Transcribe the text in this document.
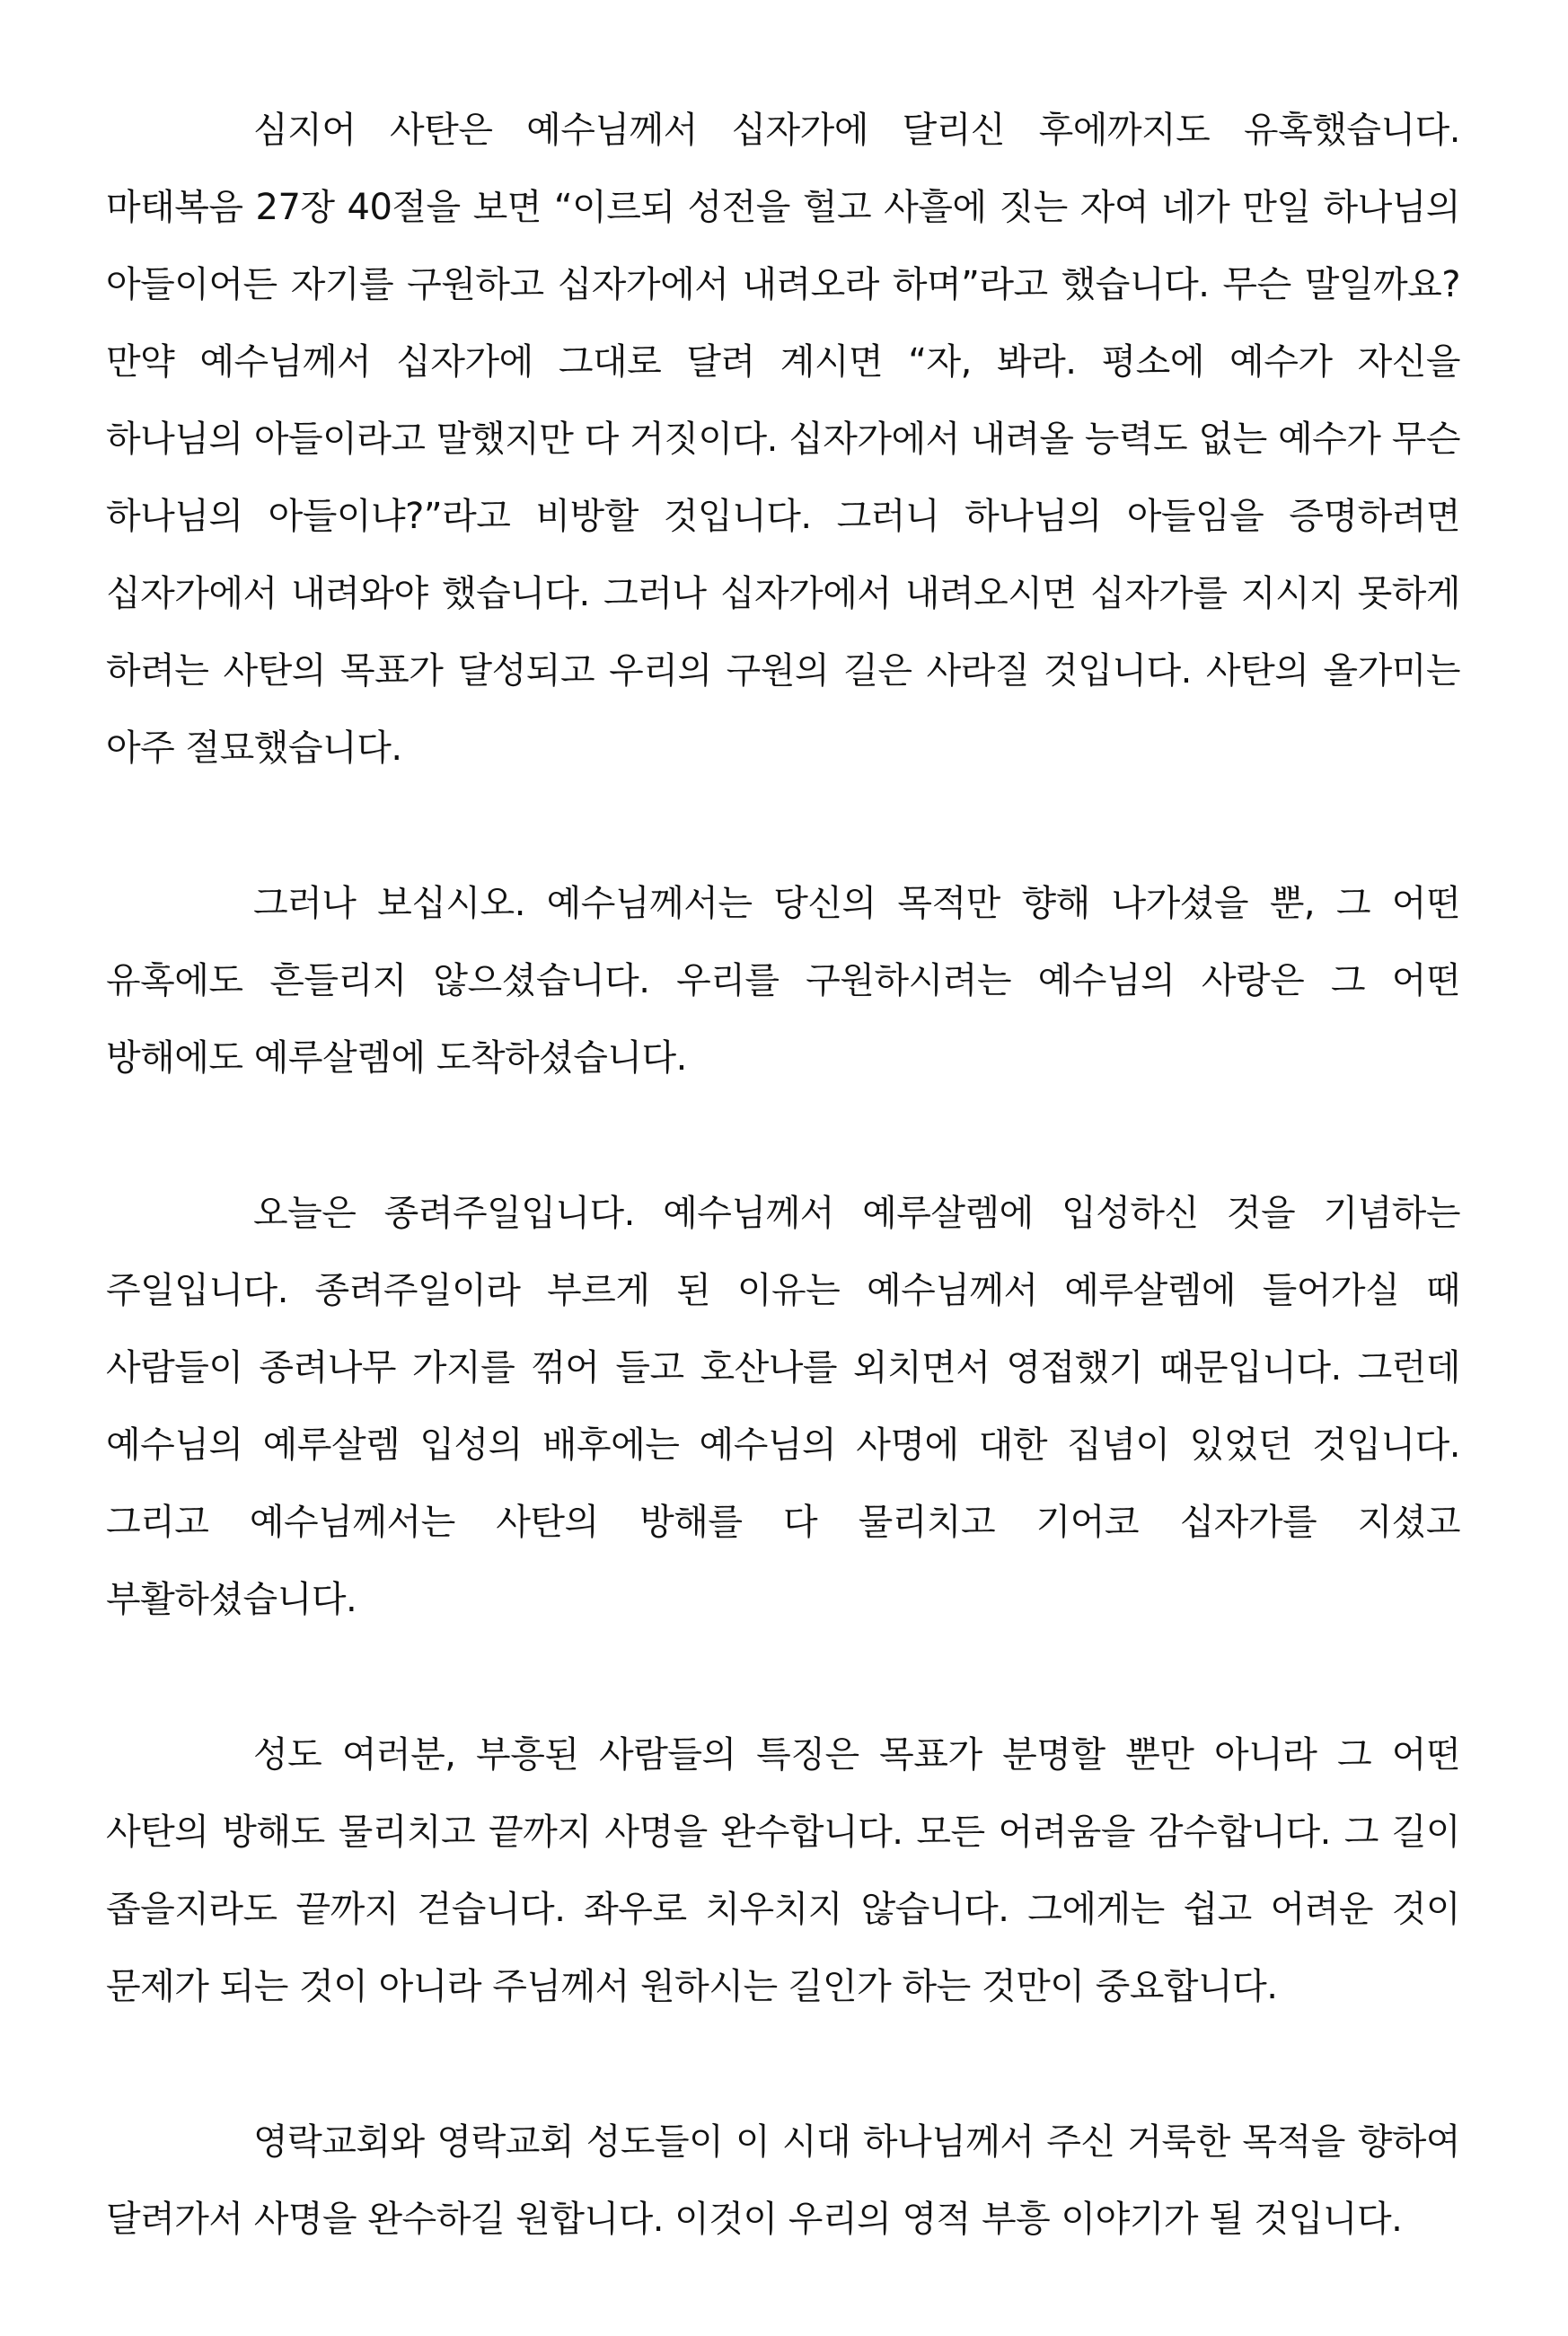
심지어 사탄은 예수님께서 십자가에 달리신 후에까지도 유혹했습니다. 마태복음 27장 40절을 보면 “이르되 성전을 헐고 사흘에 짓는 자여 네가 만일 하나님의 아들이어든 자기를 구원하고 십자가에서 내려오라 하며”라고 했습니다. 무슨 말일까요? 만약 예수님께서 십자가에 그대로 달려 계시면 “자, 봐라. 평소에 예수가 자신을 하나님의 아들이라고 말했지만 다 거짓이다. 십자가에서 내려올 능력도 없는 예수가 무슨 하나님의 아들이냐?”라고 비방할 것입니다. 그러니 하나님의 아들임을 증명하려면 십자가에서 내려와야 했습니다. 그러나 십자가에서 내려오시면 십자가를 지시지 못하게 하려는 사탄의 목표가 달성되고 우리의 구원의 길은 사라질 것입니다. 사탄의 올가미는 아주 절묘했습니다.

그러나 보십시오. 예수님께서는 당신의 목적만 향해 나가셨을 뿐, 그 어떤 유혹에도 흔들리지 않으셨습니다. 우리를 구원하시려는 예수님의 사랑은 그 어떤 방해에도 예루살렘에 도착하셨습니다.

오늘은 종려주일입니다. 예수님께서 예루살렘에 입성하신 것을 기념하는 주일입니다. 종려주일이라 부르게 된 이유는 예수님께서 예루살렘에 들어가실 때 사람들이 종려나무 가지를 꺾어 들고 호산나를 외치면서 영접했기 때문입니다. 그런데 예수님의 예루살렘 입성의 배후에는 예수님의 사명에 대한 집념이 있었던 것입니다. 그리고 예수님께서는 사탄의 방해를 다 물리치고 기어코 십자가를 지셨고 부활하셨습니다.

성도 여러분, 부흥된 사람들의 특징은 목표가 분명할 뿐만 아니라 그 어떤 사탄의 방해도 물리치고 끝까지 사명을 완수합니다. 모든 어려움을 감수합니다. 그 길이 좁을지라도 끝까지 걷습니다. 좌우로 치우치지 않습니다. 그에게는 쉽고 어려운 것이 문제가 되는 것이 아니라 주님께서 원하시는 길인가 하는 것만이 중요합니다.

영락교회와 영락교회 성도들이 이 시대 하나님께서 주신 거룩한 목적을 향하여 달려가서 사명을 완수하길 원합니다. 이것이 우리의 영적 부흥 이야기가 될 것입니다.
